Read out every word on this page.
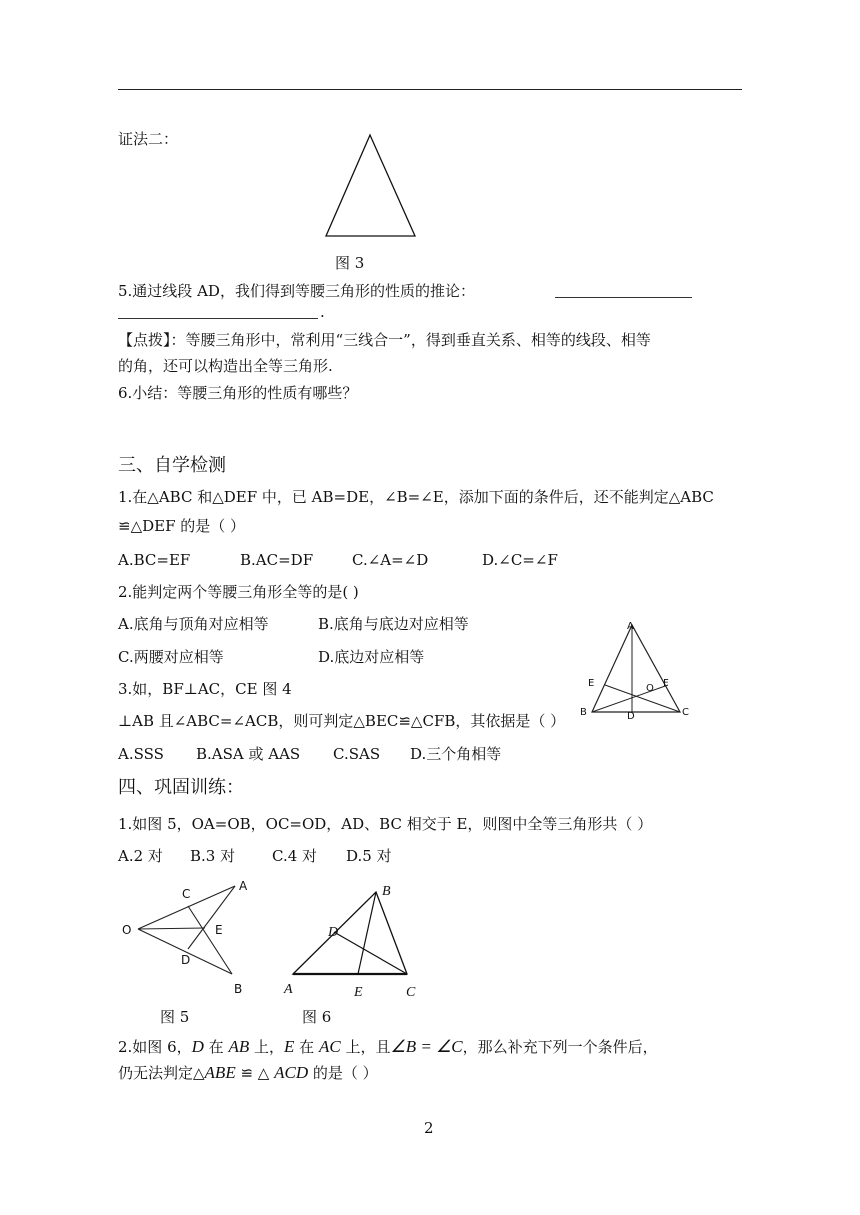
证法二：
图 3
5.通过线段 AD，我们得到等腰三角形的性质的推论：
.
【点拨】：等腰三角形中，常利用“三线合一”，得到垂直关系、相等的线段、相等
的角，还可以构造出全等三角形.
6.小结：等腰三角形的性质有哪些？
三、自学检测
1.在△ABC 和△DEF 中，已 AB=DE，∠B=∠E，添加下面的条件后，还不能判定△ABC
≌△DEF 的是（ ）
A.BC=EF	B.AC=DF	C.∠A=∠D	D.∠C=∠F
2.能判定两个等腰三角形全等的是( )
A.底角与顶角对应相等	B.底角与底边对应相等
C.两腰对应相等	D.底边对应相等
3.如，BF⊥AC，CE 图 4
⊥AB 且∠ABC=∠ACB，则可判定△BEC≌△CFB，其依据是（ ）
A.SSS B.ASA 或 AAS C.SAS D.三个角相等
A
E	O F
B	D	C
四、巩固训练：
1.如图 5，OA=OB，OC=OD，AD、BC 相交于 E，则图中全等三角形共（ ）
A.2 对 B.3 对 C.4 对 D.5 对
O
A
C
E
D
B
图 5
B
D
A	E	C
图 6
2.如图 6，D 在 AB 上，E 在 AC 上，且∠B = ∠C，那么补充下列一个条件后，
仍无法判定△ABE ≌ △ ACD 的是（ ）
2
